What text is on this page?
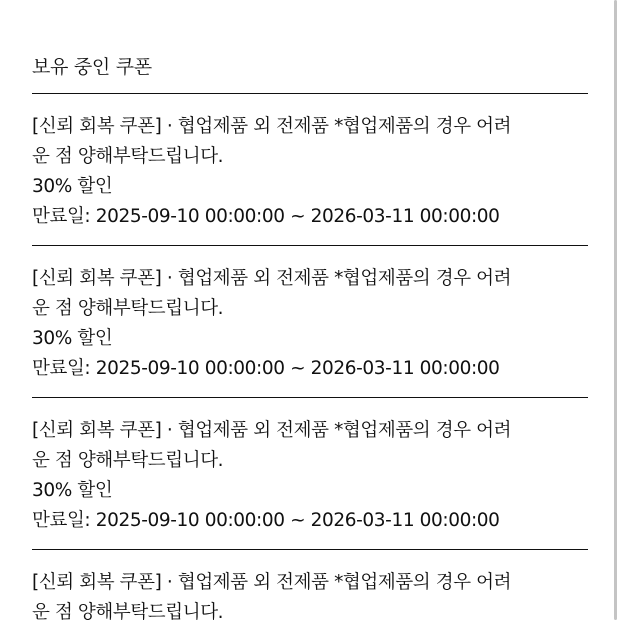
보유 중인 쿠폰

[신뢰 회복 쿠폰] · 협업제품 외 전제품 *협업제품의 경우 어려

운 점 양해부탁드립니다.

30% 할인

만료일: 2025-09-10 00:00:00 ~ 2026-03-11 00:00:00

[신뢰 회복 쿠폰] · 협업제품 외 전제품 *협업제품의 경우 어려

운 점 양해부탁드립니다.

30% 할인

만료일: 2025-09-10 00:00:00 ~ 2026-03-11 00:00:00

[신뢰 회복 쿠폰] · 협업제품 외 전제품 *협업제품의 경우 어려

운 점 양해부탁드립니다.

30% 할인

만료일: 2025-09-10 00:00:00 ~ 2026-03-11 00:00:00

[신뢰 회복 쿠폰] · 협업제품 외 전제품 *협업제품의 경우 어려

운 점 양해부탁드립니다.
